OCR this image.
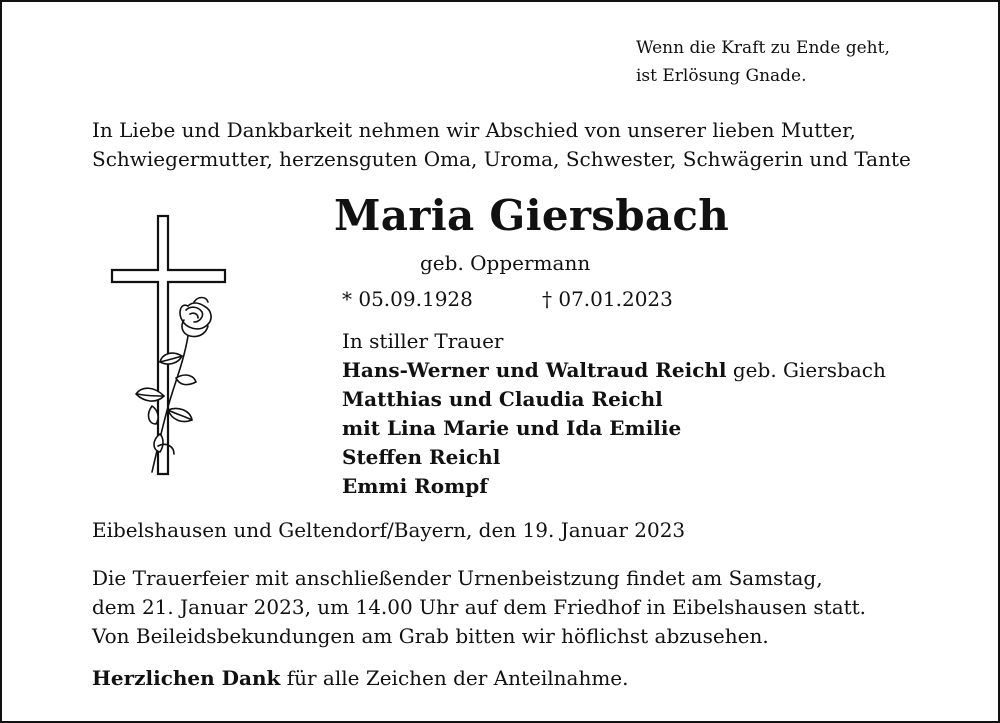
Wenn die Kraft zu Ende geht,
ist Erlösung Gnade.
In Liebe und Dankbarkeit nehmen wir Abschied von unserer lieben Mutter,
Schwiegermutter, herzensguten Oma, Uroma, Schwester, Schwägerin und Tante
Maria Giersbach
geb. Oppermann
* 05.09.1928	† 07.01.2023
In stiller Trauer
Hans-Werner und Waltraud Reichl geb. Giersbach
Matthias und Claudia Reichl
mit Lina Marie und Ida Emilie
Steffen Reichl
Emmi Rompf
Eibelshausen und Geltendorf/Bayern, den 19. Januar 2023
Die Trauerfeier mit anschließender Urnenbeistzung findet am Samstag,
dem 21. Januar 2023, um 14.00 Uhr auf dem Friedhof in Eibelshausen statt.
Von Beileidsbekundungen am Grab bitten wir höflichst abzusehen.
Herzlichen Dank für alle Zeichen der Anteilnahme.
